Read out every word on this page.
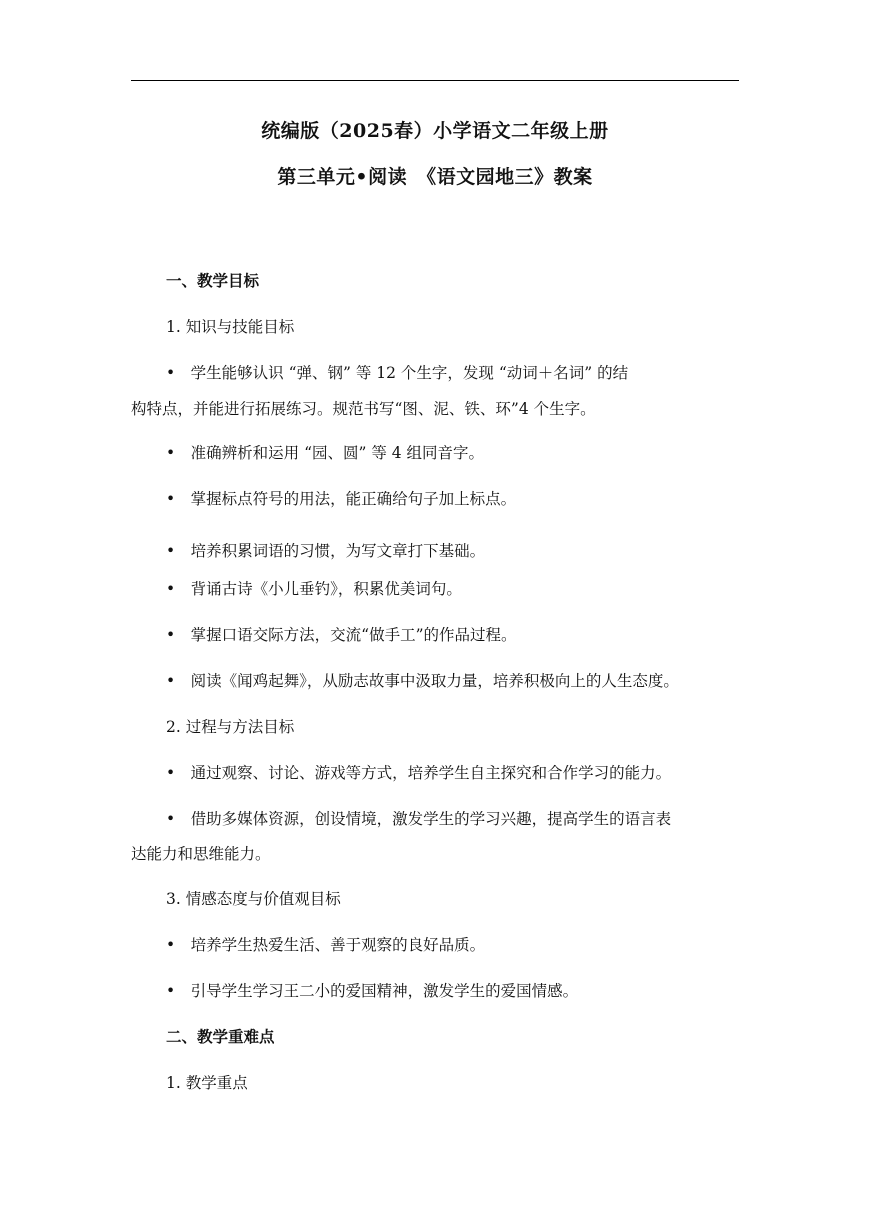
统编版（2025春）小学语文二年级上册
第三单元•阅读　《语文园地三》教案
一、教学目标
1. 知识与技能目标
•　学生能够认识 “弹、钢” 等 12 个生字，发现 “动词＋名词” 的结
构特点，并能进行拓展练习。规范书写“图、泥、铁、环”4 个生字。
•　准确辨析和运用 “园、圆” 等 4 组同音字。
•　掌握标点符号的用法，能正确给句子加上标点。
•　培养积累词语的习惯，为写文章打下基础。
•　背诵古诗《小儿垂钓》，积累优美词句。
•　掌握口语交际方法，交流“做手工”的作品过程。
•　阅读《闻鸡起舞》，从励志故事中汲取力量，培养积极向上的人生态度。
2. 过程与方法目标
•　通过观察、讨论、游戏等方式，培养学生自主探究和合作学习的能力。
•　借助多媒体资源，创设情境，激发学生的学习兴趣，提高学生的语言表
达能力和思维能力。
3. 情感态度与价值观目标
•　培养学生热爱生活、善于观察的良好品质。
•　引导学生学习王二小的爱国精神，激发学生的爱国情感。
二、教学重难点
1. 教学重点
